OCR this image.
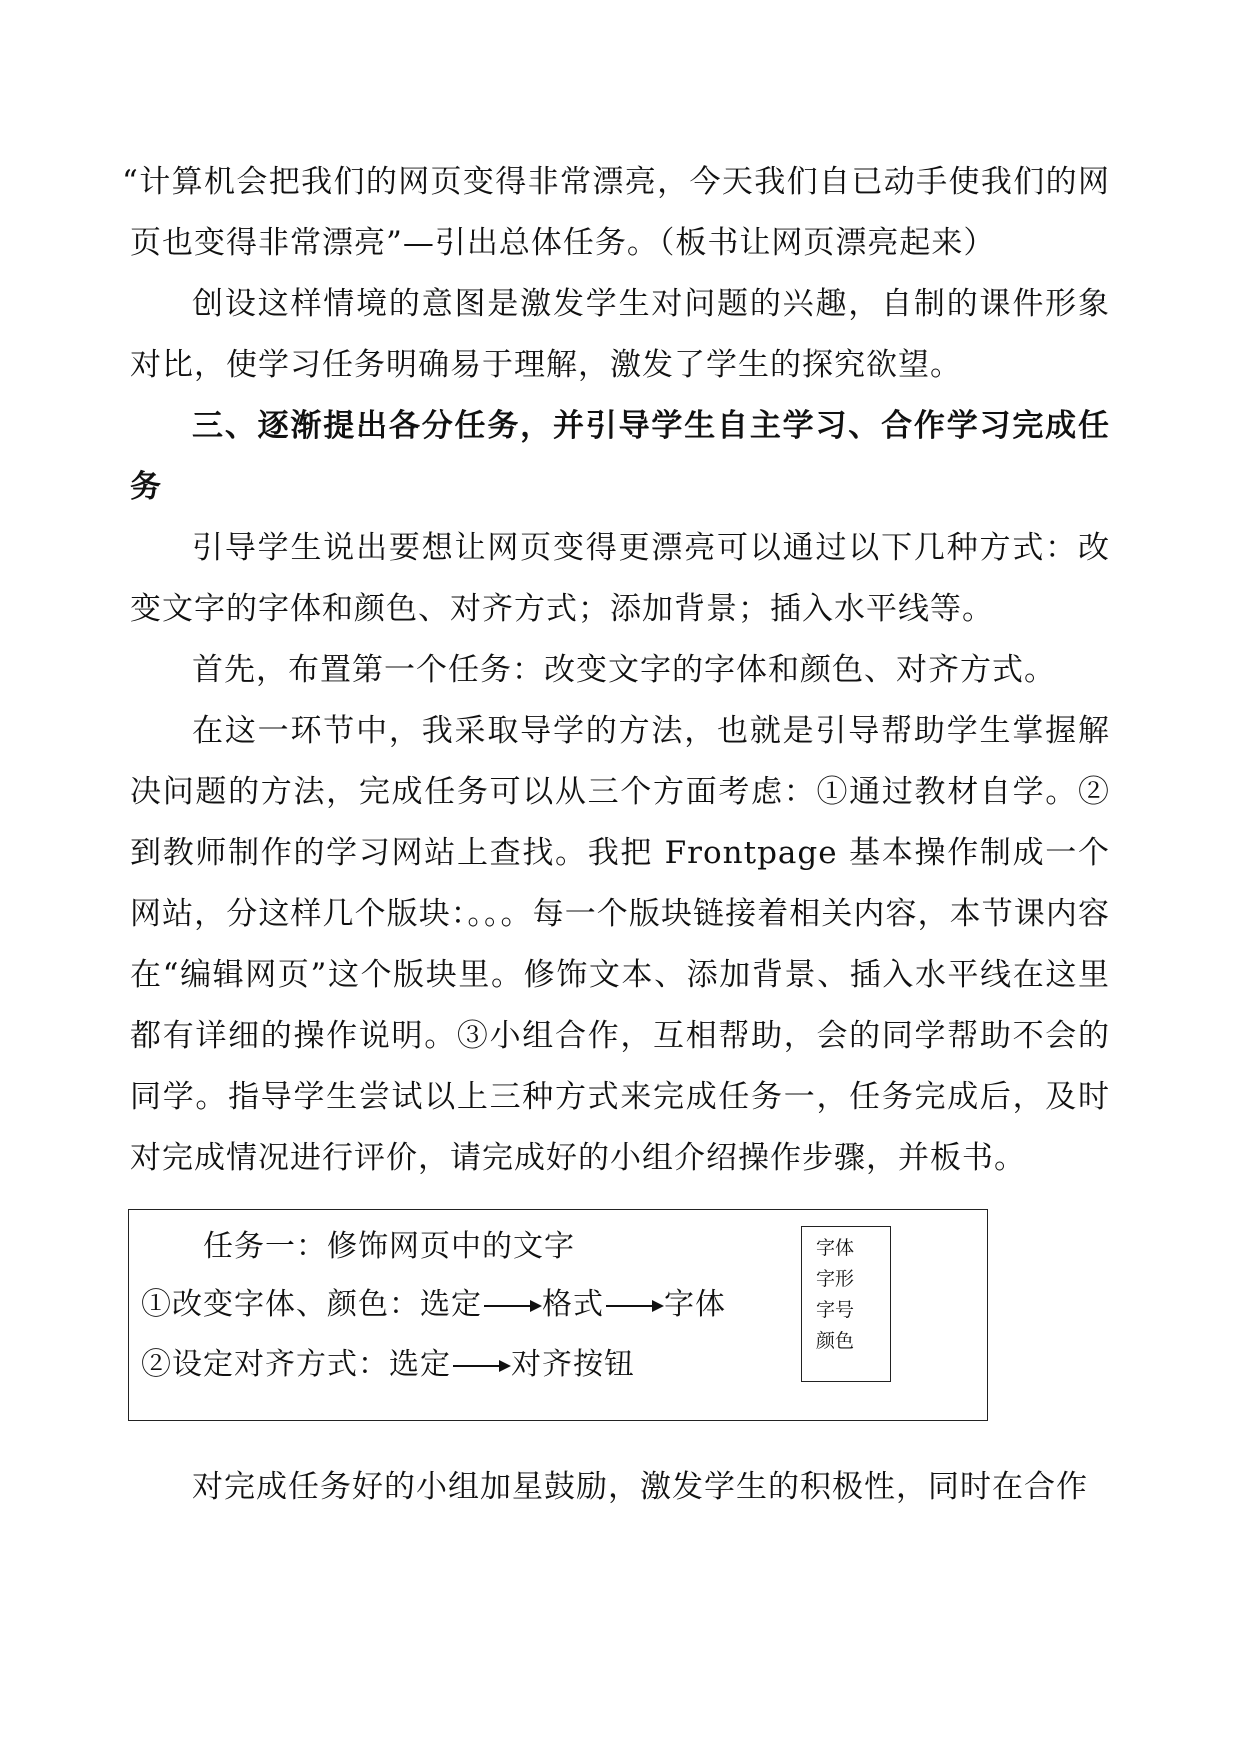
“计算机会把我们的网页变得非常漂亮，今天我们自已动手使我们的网页也变得非常漂亮”—引出总体任务。（板书让网页漂亮起来）

创设这样情境的意图是激发学生对问题的兴趣，自制的课件形象对比，使学习任务明确易于理解，激发了学生的探究欲望。

三、逐渐提出各分任务，并引导学生自主学习、合作学习完成任务

引导学生说出要想让网页变得更漂亮可以通过以下几种方式：改变文字的字体和颜色、对齐方式；添加背景；插入水平线等。

首先，布置第一个任务：改变文字的字体和颜色、对齐方式。

在这一环节中，我采取导学的方法，也就是引导帮助学生掌握解决问题的方法，完成任务可以从三个方面考虑：①通过教材自学。②到教师制作的学习网站上查找。我把 Frontpage 基本操作制成一个网站，分这样几个版块：。。。每一个版块链接着相关内容，本节课内容在“编辑网页”这个版块里。修饰文本、添加背景、插入水平线在这里都有详细的操作说明。③小组合作，互相帮助，会的同学帮助不会的同学。指导学生尝试以上三种方式来完成任务一，任务完成后，及时对完成情况进行评价，请完成好的小组介绍操作步骤，并板书。

任务一：修饰网页中的文字
①改变字体、颜色：选定 格式 字体
②设定对齐方式：选定 对齐按钮
字体
字形
字号
颜色

对完成任务好的小组加星鼓励，激发学生的积极性，同时在合作
